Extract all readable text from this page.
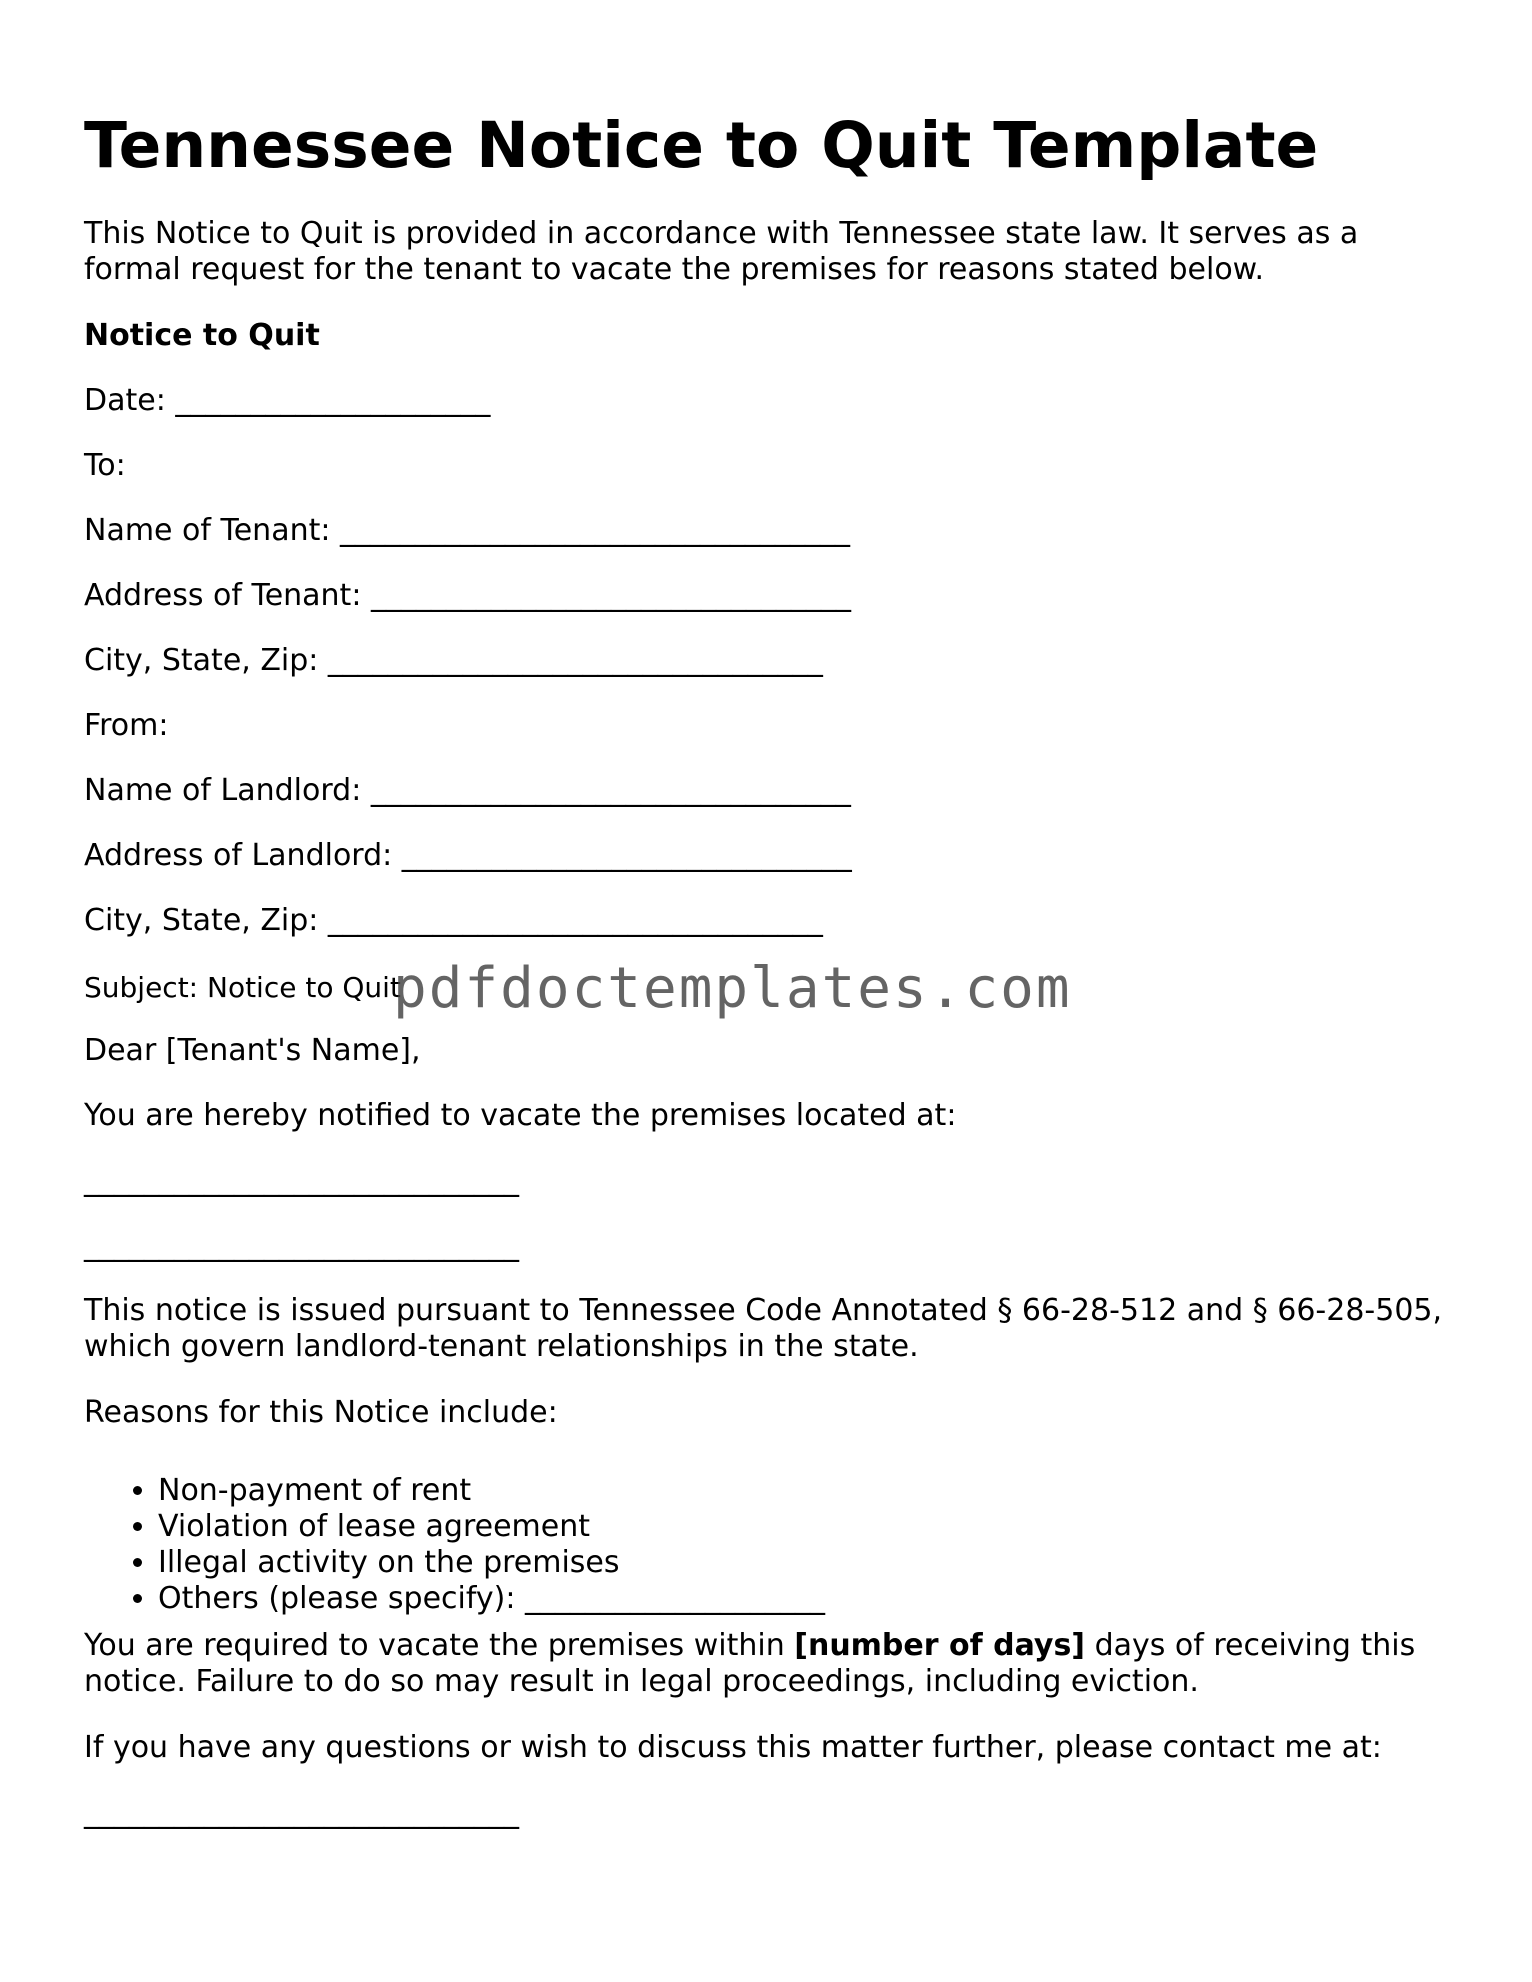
Tennessee Notice to Quit Template

This Notice to Quit is provided in accordance with Tennessee state law. It serves as a
formal request for the tenant to vacate the premises for reasons stated below.

Notice to Quit

Date: _____________________

To:

Name of Tenant: __________________________________

Address of Tenant: ________________________________

City, State, Zip: _________________________________

From:

Name of Landlord: ________________________________

Address of Landlord: ______________________________

City, State, Zip: _________________________________

Subject: Notice to Quit

Dear [Tenant's Name],

You are hereby notified to vacate the premises located at:

_____________________________

_____________________________

This notice is issued pursuant to Tennessee Code Annotated § 66-28-512 and § 66-28-505,
which govern landlord-tenant relationships in the state.

Reasons for this Notice include:

• Non-payment of rent
• Violation of lease agreement
• Illegal activity on the premises
• Others (please specify): ____________________

You are required to vacate the premises within [number of days] days of receiving this
notice. Failure to do so may result in legal proceedings, including eviction.

If you have any questions or wish to discuss this matter further, please contact me at:

_____________________________

pdfdoctemplates.com
